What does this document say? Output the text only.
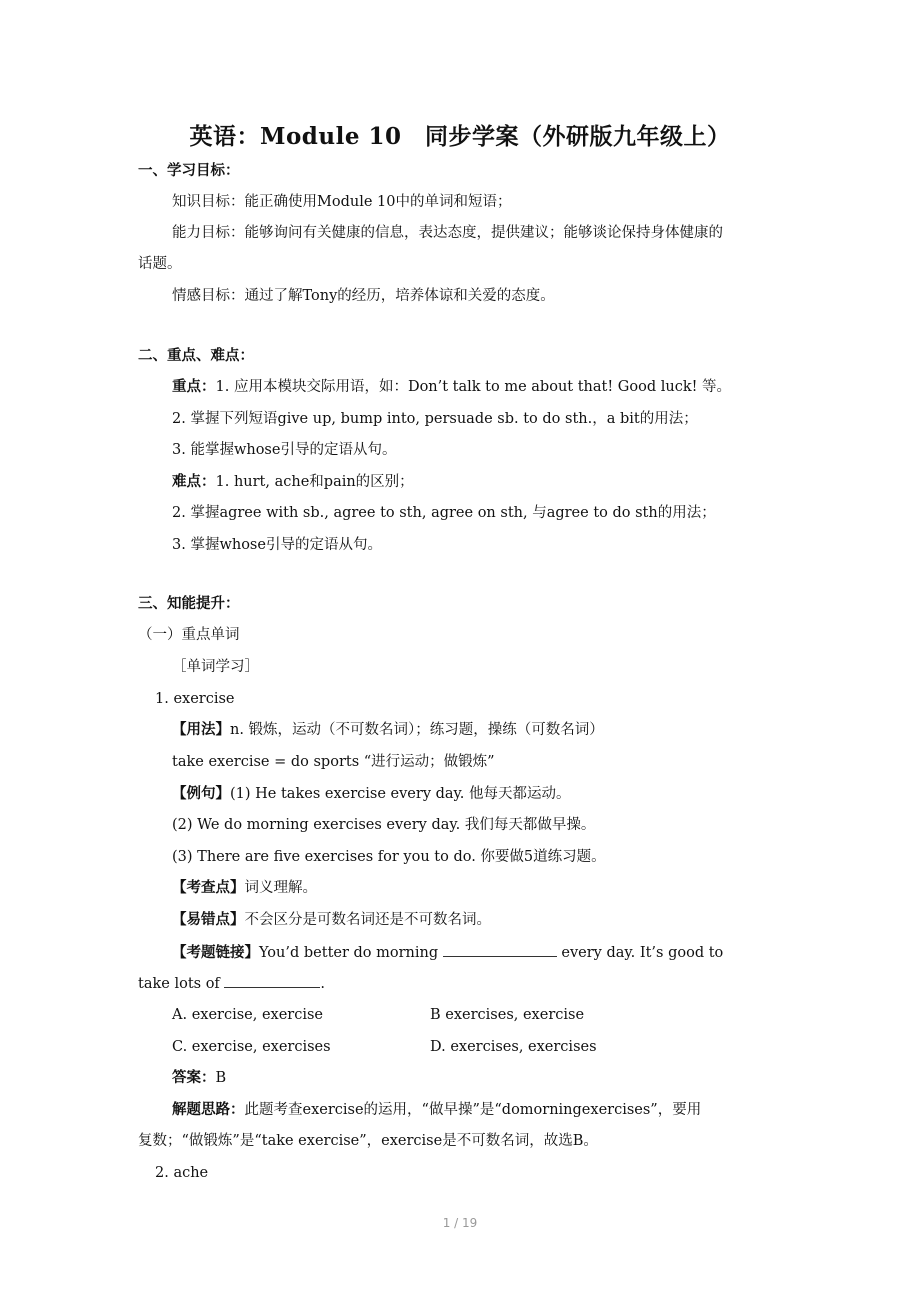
英语：Module 10　同步学案（外研版九年级上）
一、学习目标：
知识目标：能正确使用Module 10中的单词和短语；
能力目标：能够询问有关健康的信息，表达态度，提供建议；能够谈论保持身体健康的
话题。
情感目标：通过了解Tony的经历，培养体谅和关爱的态度。
二、重点、难点：
重点：1. 应用本模块交际用语，如：Don’t talk to me about that! Good luck! 等。
2. 掌握下列短语give up, bump into, persuade sb. to do sth.，a bit的用法；
3. 能掌握whose引导的定语从句。
难点：1. hurt, ache和pain的区别；
2. 掌握agree with sb., agree to sth, agree on sth, 与agree to do sth的用法；
3. 掌握whose引导的定语从句。
三、知能提升：
（一）重点单词
［单词学习］
1. exercise
【用法】n. 锻炼，运动（不可数名词）；练习题，操练（可数名词）
take exercise = do sports “进行运动；做锻炼”
【例句】(1) He takes exercise every day. 他每天都运动。
(2) We do morning exercises every day. 我们每天都做早操。
(3) There are five exercises for you to do. 你要做5道练习题。
【考查点】词义理解。
【易错点】不会区分是可数名词还是不可数名词。
【考题链接】You’d better do morning	every day. It’s good to
take lots of	.
A. exercise, exercise	B exercises, exercise
C. exercise, exercises	D. exercises, exercises
答案：B
解题思路：此题考查exercise的运用，“做早操”是“domorningexercises”，要用
复数；“做锻炼”是“take exercise”，exercise是不可数名词，故选B。
2. ache
1 / 19
